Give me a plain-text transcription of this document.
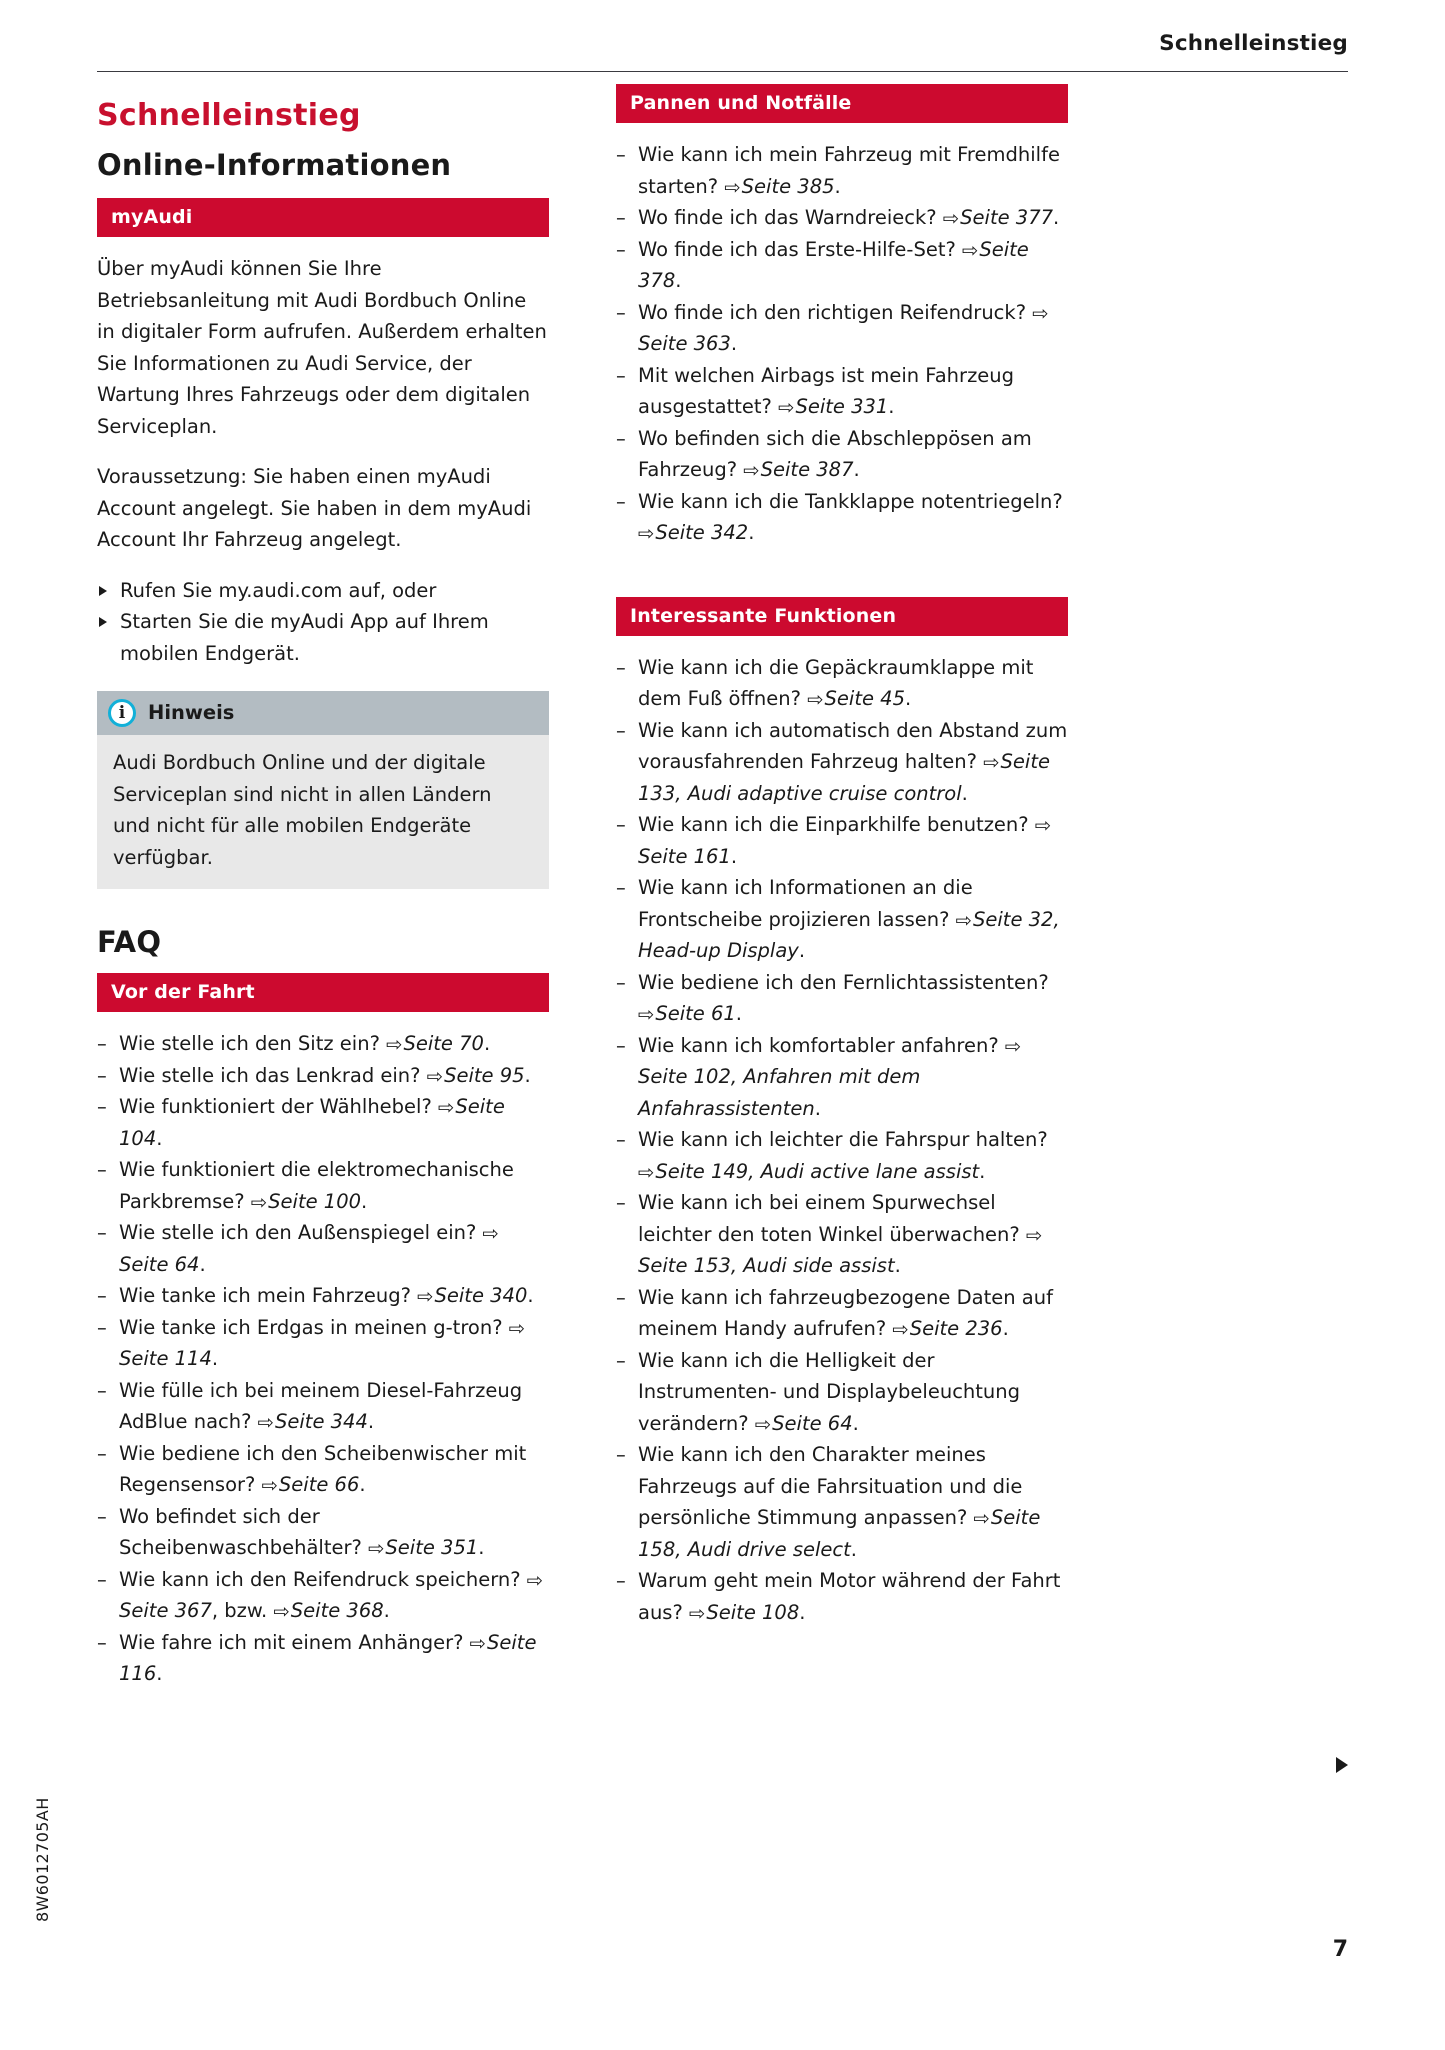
Schnelleinstieg
Schnelleinstieg
Online-Informationen
myAudi

Über myAudi können Sie Ihre Betriebsanleitung mit Audi Bordbuch Online in digitaler Form aufrufen. Außerdem erhalten Sie Informationen zu Audi Service, der Wartung Ihres Fahrzeugs oder dem digitalen Serviceplan.

Voraussetzung: Sie haben einen myAudi Account angelegt. Sie haben in dem myAudi Account Ihr Fahrzeug angelegt.

Rufen Sie my.audi.com auf, oder
Starten Sie die myAudi App auf Ihrem mobilen Endgerät.
i Hinweis

Audi Bordbuch Online und der digitale Serviceplan sind nicht in allen Ländern und nicht für alle mobilen Endgeräte verfügbar.

FAQ
Vor der Fahrt
– Wie stelle ich den Sitz ein? ⇨Seite 70.
– Wie stelle ich das Lenkrad ein? ⇨Seite 95.
– Wie funktioniert der Wählhebel? ⇨Seite 104.
– Wie funktioniert die elektromechanische Parkbremse? ⇨Seite 100.
– Wie stelle ich den Außenspiegel ein? ⇨Seite 64.
– Wie tanke ich mein Fahrzeug? ⇨Seite 340.
– Wie tanke ich Erdgas in meinen g-tron? ⇨Seite 114.
– Wie fülle ich bei meinem Diesel-Fahrzeug AdBlue nach? ⇨Seite 344.
– Wie bediene ich den Scheibenwischer mit Regensensor? ⇨Seite 66.
– Wo befindet sich der Scheibenwaschbehälter? ⇨Seite 351.
– Wie kann ich den Reifendruck speichern? ⇨Seite 367, bzw. ⇨Seite 368.
– Wie fahre ich mit einem Anhänger? ⇨Seite 116.
Pannen und Notfälle
– Wie kann ich mein Fahrzeug mit Fremdhilfe starten? ⇨Seite 385.
– Wo finde ich das Warndreieck? ⇨Seite 377.
– Wo finde ich das Erste-Hilfe-Set? ⇨Seite 378.
– Wo finde ich den richtigen Reifendruck? ⇨Seite 363.
– Mit welchen Airbags ist mein Fahrzeug ausgestattet? ⇨Seite 331.
– Wo befinden sich die Abschleppösen am Fahrzeug? ⇨Seite 387.
– Wie kann ich die Tankklappe notentriegeln? ⇨Seite 342.
Interessante Funktionen
– Wie kann ich die Gepäckraumklappe mit dem Fuß öffnen? ⇨Seite 45.
– Wie kann ich automatisch den Abstand zum vorausfahrenden Fahrzeug halten? ⇨Seite 133, Audi adaptive cruise control.
– Wie kann ich die Einparkhilfe benutzen? ⇨Seite 161.
– Wie kann ich Informationen an die Frontscheibe projizieren lassen? ⇨Seite 32, Head-up Display.
– Wie bediene ich den Fernlichtassistenten? ⇨Seite 61.
– Wie kann ich komfortabler anfahren? ⇨Seite 102, Anfahren mit dem Anfahrassistenten.
– Wie kann ich leichter die Fahrspur halten? ⇨Seite 149, Audi active lane assist.
– Wie kann ich bei einem Spurwechsel leichter den toten Winkel überwachen? ⇨Seite 153, Audi side assist.
– Wie kann ich fahrzeugbezogene Daten auf meinem Handy aufrufen? ⇨Seite 236.
– Wie kann ich die Helligkeit der Instrumenten- und Displaybeleuchtung verändern? ⇨Seite 64.
– Wie kann ich den Charakter meines Fahrzeugs auf die Fahrsituation und die persönliche Stimmung anpassen? ⇨Seite 158, Audi drive select.
– Warum geht mein Motor während der Fahrt aus? ⇨Seite 108.
8W6012705AH
7
